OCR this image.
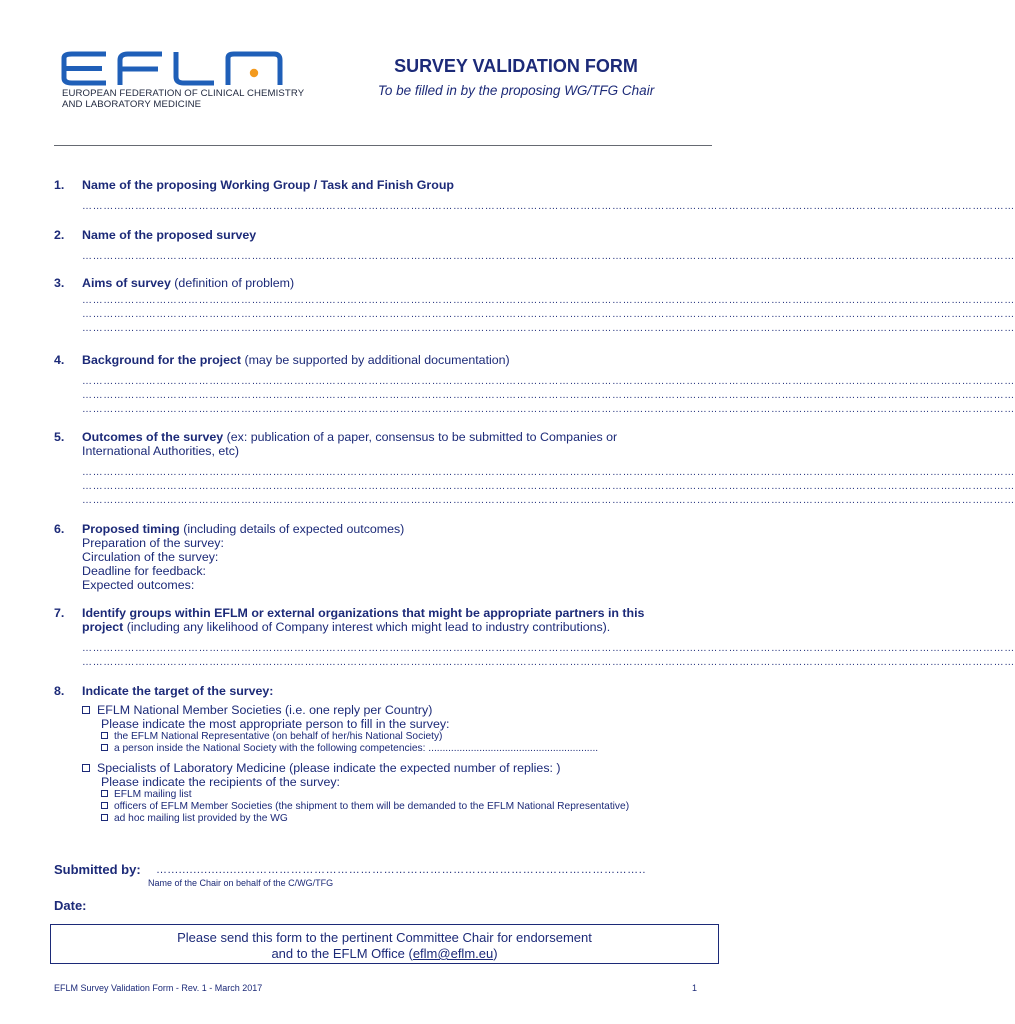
EUROPEAN FEDERATION OF CLINICAL CHEMISTRY
AND LABORATORY MEDICINE
SURVEY VALIDATION FORM
To be filled in by the proposing WG/TFG Chair
1. Name of the proposing Working Group / Task and Finish Group
…………………………………………………………………………………………………………………………………………………………………………………………………………………………………………
2. Name of the proposed survey
…………………………………………………………………………………………………………………………………………………………………………………………………………………………………………
3. Aims of survey (definition of problem)
…………………………………………………………………………………………………………………………………………………………………………………………………………………………………………
…………………………………………………………………………………………………………………………………………………………………………………………………………………………………………
…………………………………………………………………………………………………………………………………………………………………………………………………………………………………………
4. Background for the project (may be supported by additional documentation)
…………………………………………………………………………………………………………………………………………………………………………………………………………………………………………
…………………………………………………………………………………………………………………………………………………………………………………………………………………………………………
…………………………………………………………………………………………………………………………………………………………………………………………………………………………………………
5. Outcomes of the survey (ex: publication of a paper, consensus to be submitted to Companies or
International Authorities, etc)
…………………………………………………………………………………………………………………………………………………………………………………………………………………………………………
…………………………………………………………………………………………………………………………………………………………………………………………………………………………………………
…………………………………………………………………………………………………………………………………………………………………………………………………………………………………………
6. Proposed timing (including details of expected outcomes)
Preparation of the survey:
Circulation of the survey:
Deadline for feedback:
Expected outcomes:
7. Identify groups within EFLM or external organizations that might be appropriate partners in this
project (including any likelihood of Company interest which might lead to industry contributions).
…………………………………………………………………………………………………………………………………………………………………………………………………………………………………………
…………………………………………………………………………………………………………………………………………………………………………………………………………………………………………
8. Indicate the target of the survey:
EFLM National Member Societies (i.e. one reply per Country)
Please indicate the most appropriate person to fill in the survey:
the EFLM National Representative (on behalf of her/his National Society)
a person inside the National Society with the following competencies: ............................................................
Specialists of Laboratory Medicine (please indicate the expected number of replies: )
Please indicate the recipients of the survey:
EFLM mailing list
officers of EFLM Member Societies (the shipment to them will be demanded to the EFLM National Representative)
ad hoc mailing list provided by the WG
Submitted by: ….....................…………………………………………………………………………………………..
Name of the Chair on behalf of the C/WG/TFG
Date:
Please send this form to the pertinent Committee Chair for endorsement
and to the EFLM Office (eflm@eflm.eu)
EFLM Survey Validation Form - Rev. 1 - March 2017	1
